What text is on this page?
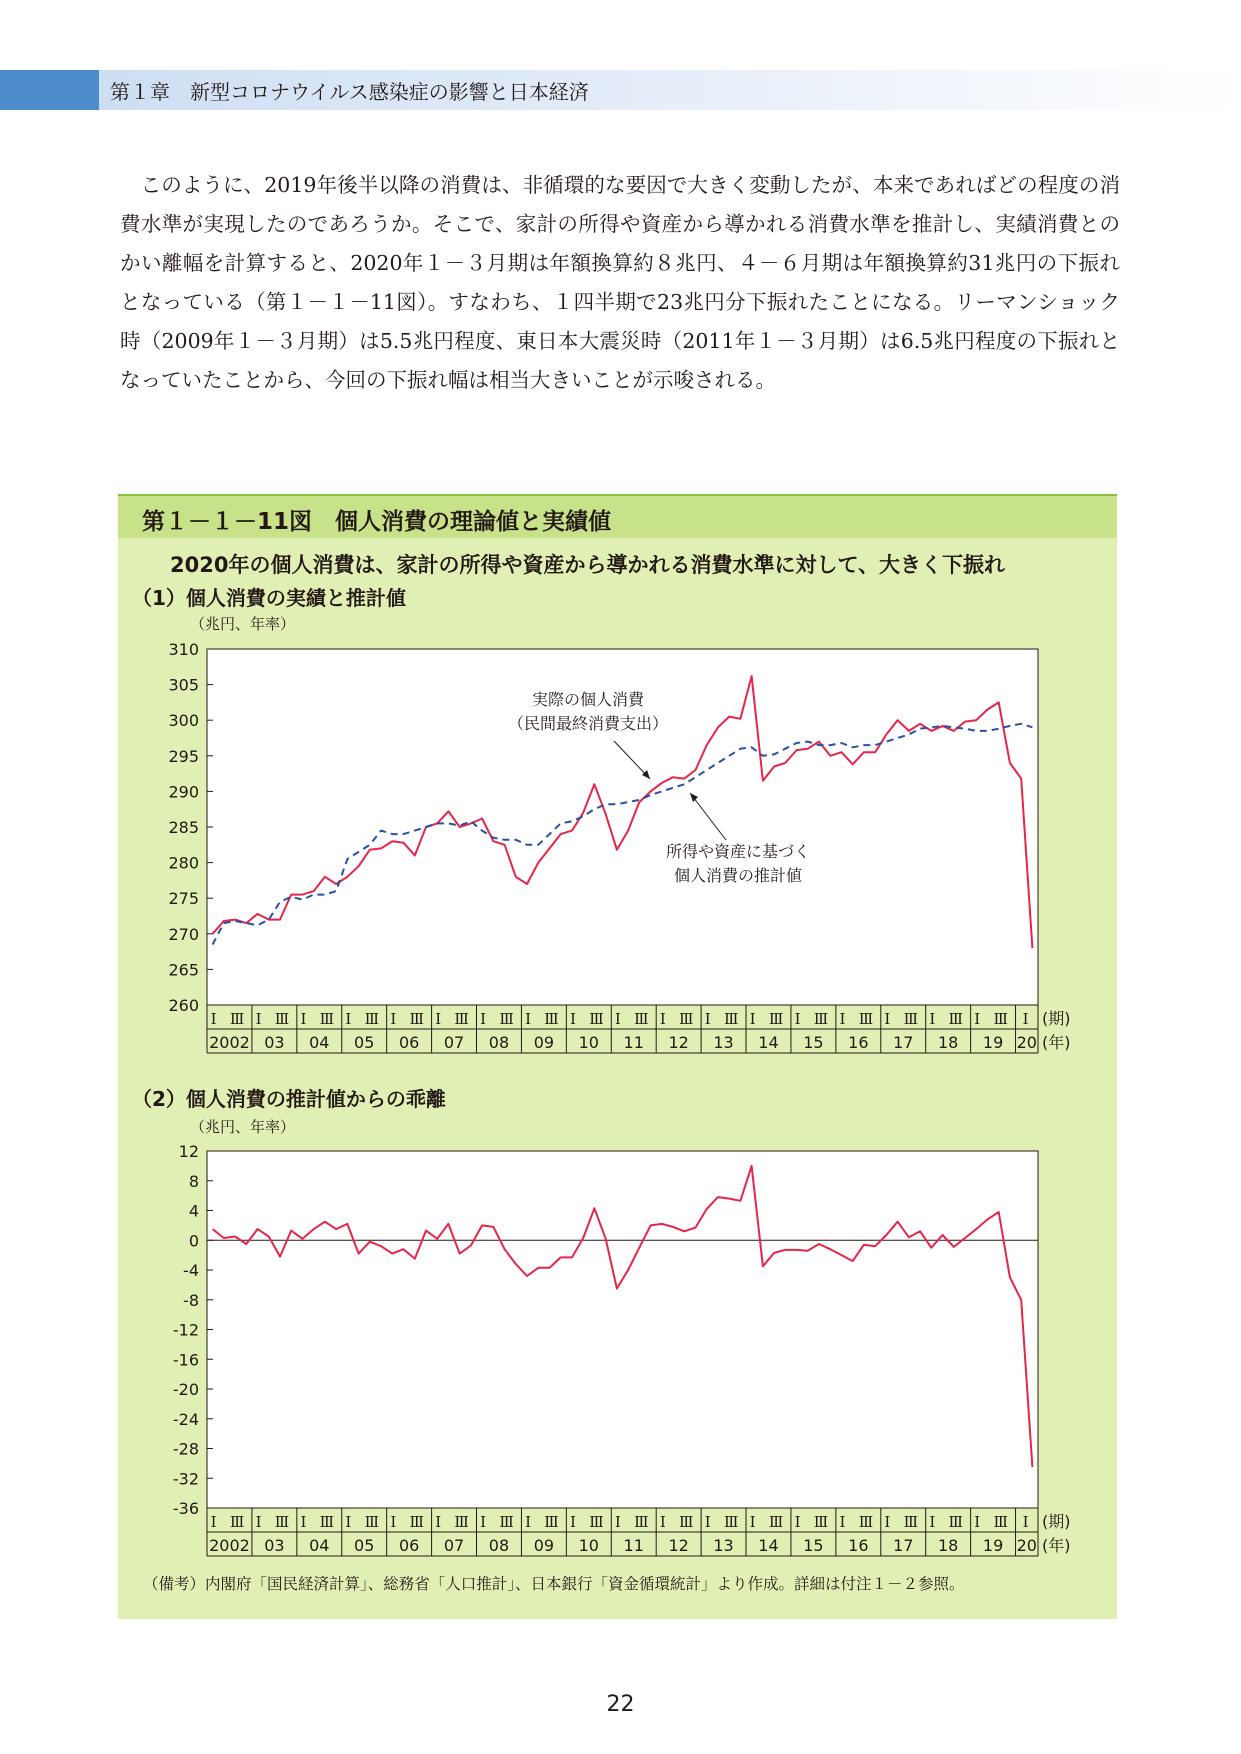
第１章　新型コロナウイルス感染症の影響と日本経済

　このように、2019年後半以降の消費は、非循環的な要因で大きく変動したが、本来であればどの程度の消費水準が実現したのであろうか。そこで、家計の所得や資産から導かれる消費水準を推計し、実績消費とのかい離幅を計算すると、2020年１－３月期は年額換算約８兆円、４－６月期は年額換算約31兆円の下振れとなっている（第１－１－11図）。すなわち、１四半期で23兆円分下振れたことになる。リーマンショック時（2009年１－３月期）は5.5兆円程度、東日本大震災時（2011年１－３月期）は6.5兆円程度の下振れとなっていたことから、今回の下振れ幅は相当大きいことが示唆される。

第１－１－11図　個人消費の理論値と実績値
2020年の個人消費は、家計の所得や資産から導かれる消費水準に対して、大きく下振れ
（1）個人消費の実績と推計値
（兆円、年率）
（2）個人消費の推計値からの乖離
（兆円、年率）
（備考）内閣府「国民経済計算」、総務省「人口推計」、日本銀行「資金循環統計」より作成。詳細は付注１－２参照。
260
265
270
275
280
285
290
295
300
305
310
2002
Ⅰ Ⅲ
03
Ⅰ Ⅲ
04
Ⅰ Ⅲ
05
Ⅰ Ⅲ
06
Ⅰ Ⅲ
07
Ⅰ Ⅲ
08
Ⅰ Ⅲ
09
Ⅰ Ⅲ
10
Ⅰ Ⅲ
11
Ⅰ Ⅲ
12
Ⅰ Ⅲ
13
Ⅰ Ⅲ
14
Ⅰ Ⅲ
15
Ⅰ Ⅲ
16
Ⅰ Ⅲ
17
Ⅰ Ⅲ
18
Ⅰ Ⅲ
19
Ⅰ Ⅲ
20
Ⅰ (期)
(年)
12
8
4
0
-4
-8
-12
-16
-20
-24
-28
-32
-36
2002
Ⅰ Ⅲ
03
Ⅰ Ⅲ
04
Ⅰ Ⅲ
05
Ⅰ Ⅲ
06
Ⅰ Ⅲ
07
Ⅰ Ⅲ
08
Ⅰ Ⅲ
09
Ⅰ Ⅲ
10
Ⅰ Ⅲ
11
Ⅰ Ⅲ
12
Ⅰ Ⅲ
13
Ⅰ Ⅲ
14
Ⅰ Ⅲ
15
Ⅰ Ⅲ
16
Ⅰ Ⅲ
17
Ⅰ Ⅲ
18
Ⅰ Ⅲ
19
Ⅰ Ⅲ
20
Ⅰ (期)
(年)
実際の個人消費
（民間最終消費支出）
所得や資産に基づく
個人消費の推計値
22
